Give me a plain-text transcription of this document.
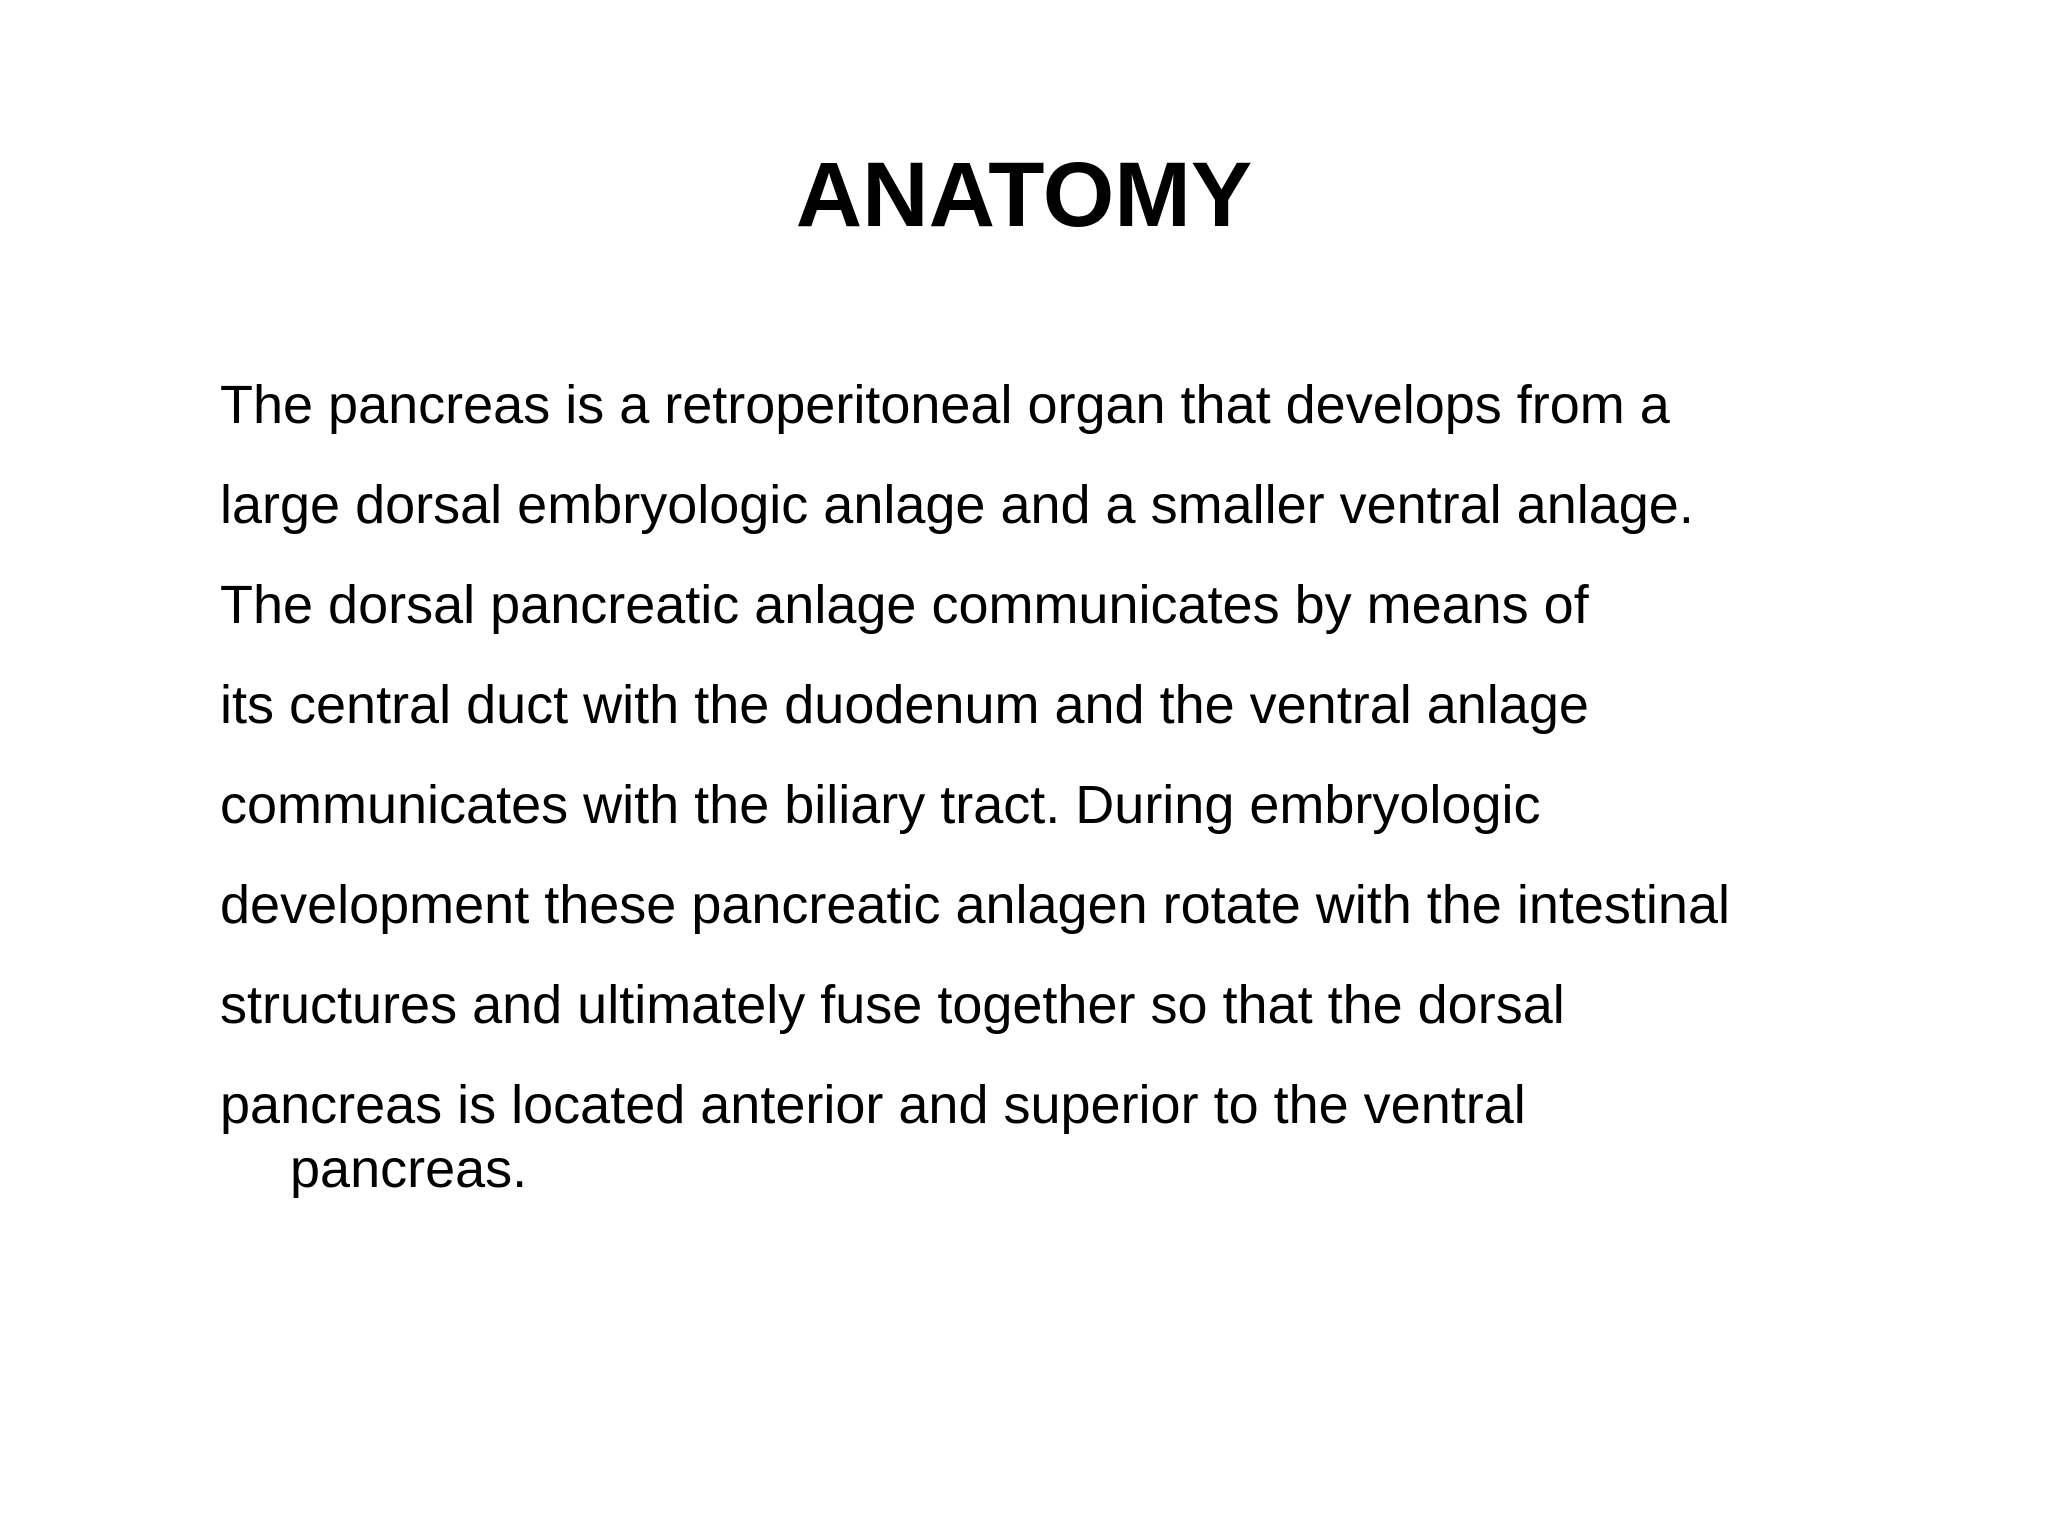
ANATOMY
The pancreas is a retroperitoneal organ that develops from a
large dorsal embryologic anlage and a smaller ventral anlage.
The dorsal pancreatic anlage communicates by means of
its central duct with the duodenum and the ventral anlage
communicates with the biliary tract. During embryologic
development these pancreatic anlagen rotate with the intestinal
structures and ultimately fuse together so that the dorsal
pancreas is located anterior and superior to the ventral
pancreas.
